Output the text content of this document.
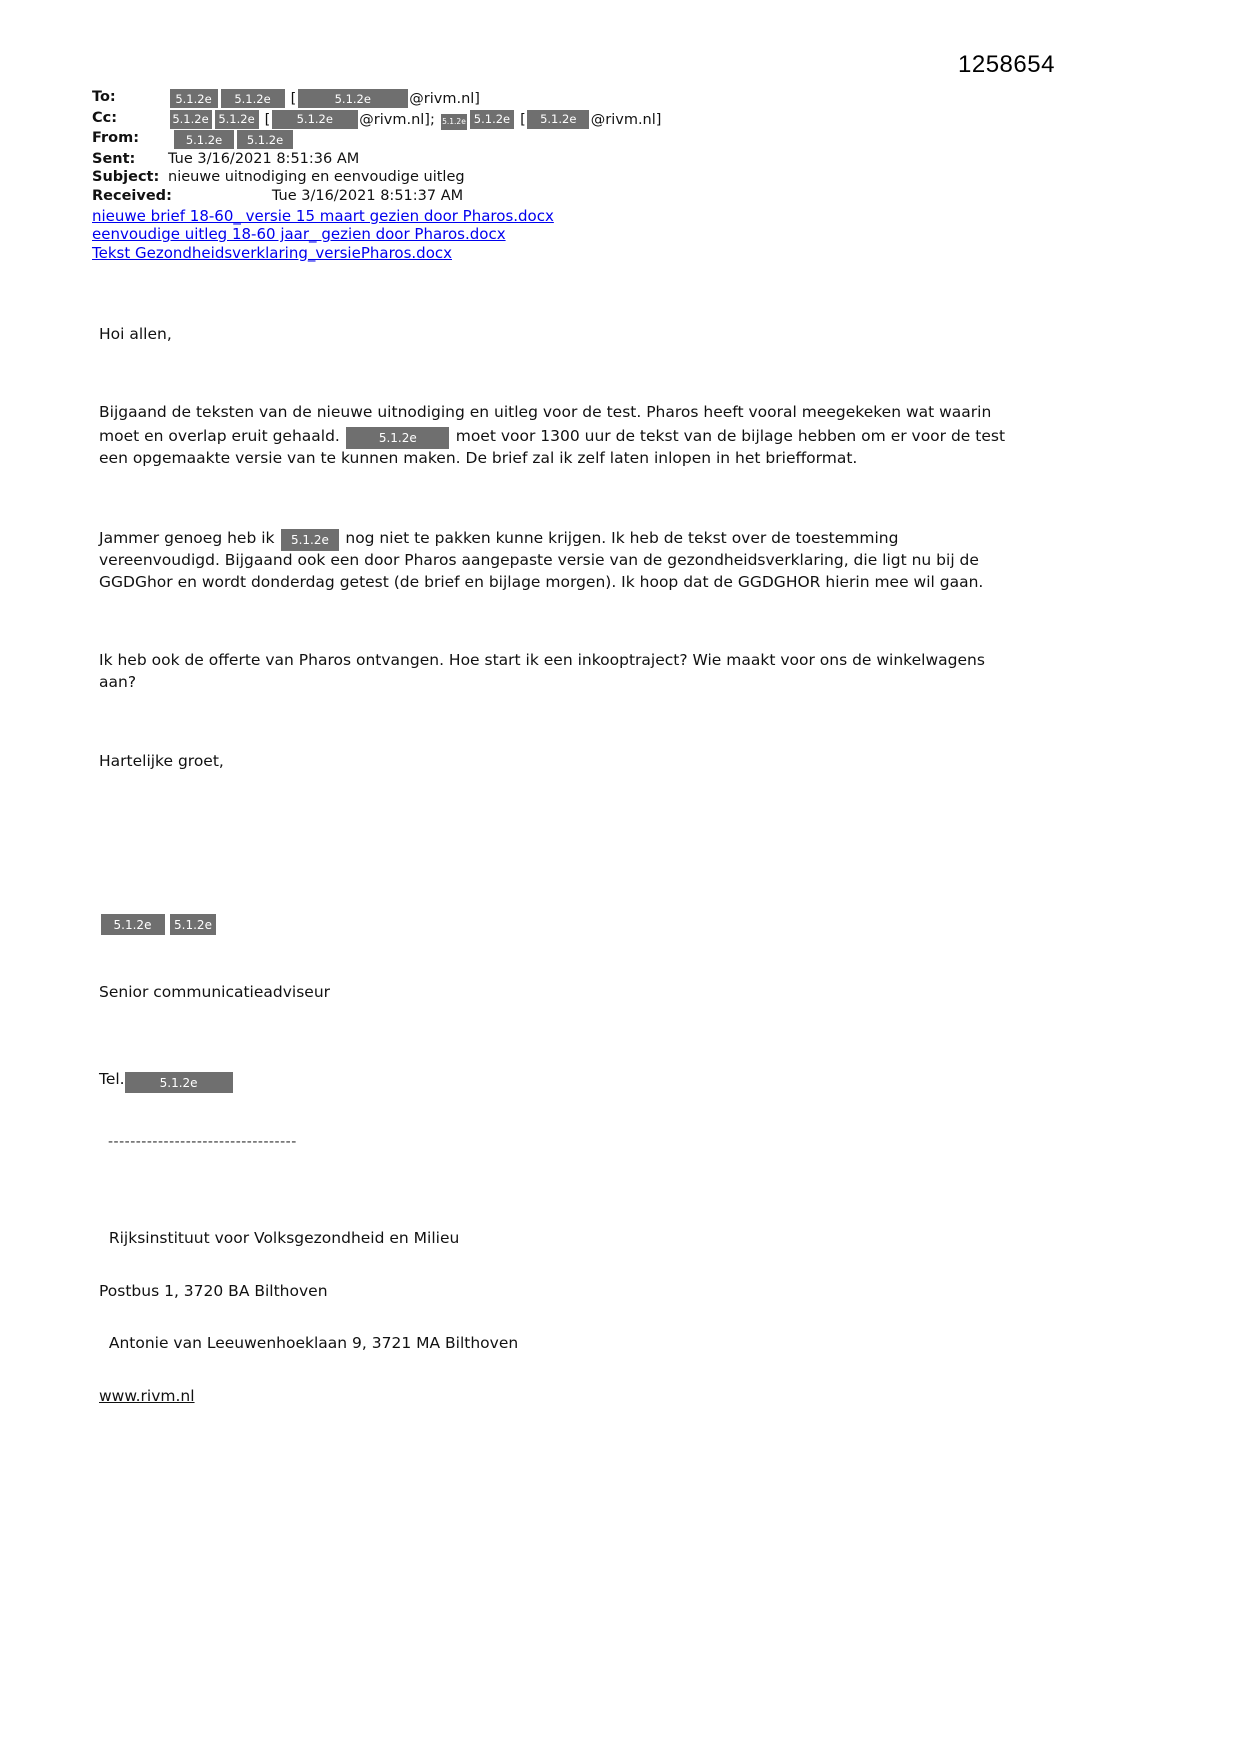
1258654
To:	5.1.2e 5.1.2e [	5.1.2e	@rivm.nl]
Cc:	5.1.2e 5.1.2e [ 5.1.2e @rivm.nl]; 5.1.2e 5.1.2e [ 5.1.2e @rivm.nl]
From:	5.1.2e 5.1.2e
Sent:	Tue 3/16/2021 8:51:36 AM
Subject: nieuwe uitnodiging en eenvoudige uitleg
Received:	Tue 3/16/2021 8:51:37 AM
nieuwe brief 18-60_ versie 15 maart gezien door Pharos.docx
eenvoudige uitleg 18-60 jaar_ gezien door Pharos.docx
Tekst Gezondheidsverklaring_versiePharos.docx

Hoi allen,

Bijgaand de teksten van de nieuwe uitnodiging en uitleg voor de test. Pharos heeft vooral meegekeken wat waarin moet en overlap eruit gehaald.	5.1.2e moet voor 1300 uur de tekst van de bijlage hebben om er voor de test een opgemaakte versie van te kunnen maken. De brief zal ik zelf laten inlopen in het briefformat.

Jammer genoeg heb ik 5.1.2e nog niet te pakken kunne krijgen. Ik heb de tekst over de toestemming vereenvoudigd. Bijgaand ook een door Pharos aangepaste versie van de gezondheidsverklaring, die ligt nu bij de GGDGhor en wordt donderdag getest (de brief en bijlage morgen). Ik hoop dat de GGDGHOR hierin mee wil gaan.

Ik heb ook de offerte van Pharos ontvangen. Hoe start ik een inkooptraject? Wie maakt voor ons de winkelwagens aan?

Hartelijke groet,

5.1.2e 5.1.2e

Senior communicatieadviseur

Tel.	5.1.2e

----------------------------------

Rijksinstituut voor Volksgezondheid en Milieu

Postbus 1, 3720 BA Bilthoven

Antonie van Leeuwenhoeklaan 9, 3721 MA Bilthoven

www.rivm.nl
